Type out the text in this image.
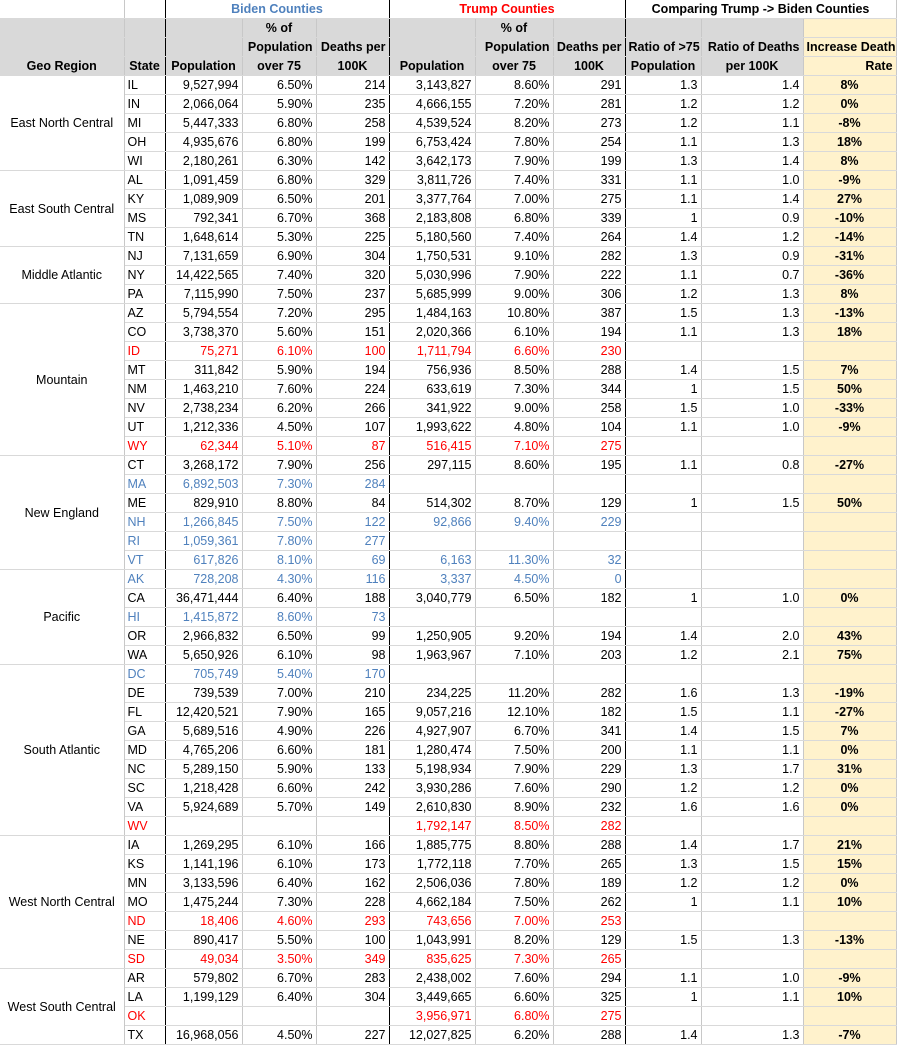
		Biden Counties			Trump Counties			Comparing Trump -> Biden Counties		
			% of			% of				
			Population	Deaths per		Population	Deaths per	Ratio of >75	Ratio of Deaths	Increase Death
Geo Region	State	Population	over 75	100K	Population	over 75	100K	Population	per 100K	Rate
East North Central	IL	9,527,994	6.50%	214	3,143,827	8.60%	291	1.3	1.4	8%
	IN	2,066,064	5.90%	235	4,666,155	7.20%	281	1.2	1.2	0%
	MI	5,447,333	6.80%	258	4,539,524	8.20%	273	1.2	1.1	-8%
	OH	4,935,676	6.80%	199	6,753,424	7.80%	254	1.1	1.3	18%
	WI	2,180,261	6.30%	142	3,642,173	7.90%	199	1.3	1.4	8%
East South Central	AL	1,091,459	6.80%	329	3,811,726	7.40%	331	1.1	1.0	-9%
	KY	1,089,909	6.50%	201	3,377,764	7.00%	275	1.1	1.4	27%
	MS	792,341	6.70%	368	2,183,808	6.80%	339	1	0.9	-10%
	TN	1,648,614	5.30%	225	5,180,560	7.40%	264	1.4	1.2	-14%
Middle Atlantic	NJ	7,131,659	6.90%	304	1,750,531	9.10%	282	1.3	0.9	-31%
	NY	14,422,565	7.40%	320	5,030,996	7.90%	222	1.1	0.7	-36%
	PA	7,115,990	7.50%	237	5,685,999	9.00%	306	1.2	1.3	8%
Mountain	AZ	5,794,554	7.20%	295	1,484,163	10.80%	387	1.5	1.3	-13%
	CO	3,738,370	5.60%	151	2,020,366	6.10%	194	1.1	1.3	18%
	ID	75,271	6.10%	100	1,711,794	6.60%	230			
	MT	311,842	5.90%	194	756,936	8.50%	288	1.4	1.5	7%
	NM	1,463,210	7.60%	224	633,619	7.30%	344	1	1.5	50%
	NV	2,738,234	6.20%	266	341,922	9.00%	258	1.5	1.0	-33%
	UT	1,212,336	4.50%	107	1,993,622	4.80%	104	1.1	1.0	-9%
	WY	62,344	5.10%	87	516,415	7.10%	275			
New England	CT	3,268,172	7.90%	256	297,115	8.60%	195	1.1	0.8	-27%
	MA	6,892,503	7.30%	284						
	ME	829,910	8.80%	84	514,302	8.70%	129	1	1.5	50%
	NH	1,266,845	7.50%	122	92,866	9.40%	229			
	RI	1,059,361	7.80%	277						
	VT	617,826	8.10%	69	6,163	11.30%	32			
Pacific	AK	728,208	4.30%	116	3,337	4.50%	0			
	CA	36,471,444	6.40%	188	3,040,779	6.50%	182	1	1.0	0%
	HI	1,415,872	8.60%	73						
	OR	2,966,832	6.50%	99	1,250,905	9.20%	194	1.4	2.0	43%
	WA	5,650,926	6.10%	98	1,963,967	7.10%	203	1.2	2.1	75%
South Atlantic	DC	705,749	5.40%	170						
	DE	739,539	7.00%	210	234,225	11.20%	282	1.6	1.3	-19%
	FL	12,420,521	7.90%	165	9,057,216	12.10%	182	1.5	1.1	-27%
	GA	5,689,516	4.90%	226	4,927,907	6.70%	341	1.4	1.5	7%
	MD	4,765,206	6.60%	181	1,280,474	7.50%	200	1.1	1.1	0%
	NC	5,289,150	5.90%	133	5,198,934	7.90%	229	1.3	1.7	31%
	SC	1,218,428	6.60%	242	3,930,286	7.60%	290	1.2	1.2	0%
	VA	5,924,689	5.70%	149	2,610,830	8.90%	232	1.6	1.6	0%
	WV				1,792,147	8.50%	282			
West North Central	IA	1,269,295	6.10%	166	1,885,775	8.80%	288	1.4	1.7	21%
	KS	1,141,196	6.10%	173	1,772,118	7.70%	265	1.3	1.5	15%
	MN	3,133,596	6.40%	162	2,506,036	7.80%	189	1.2	1.2	0%
	MO	1,475,244	7.30%	228	4,662,184	7.50%	262	1	1.1	10%
	ND	18,406	4.60%	293	743,656	7.00%	253			
	NE	890,417	5.50%	100	1,043,991	8.20%	129	1.5	1.3	-13%
	SD	49,034	3.50%	349	835,625	7.30%	265			
West South Central	AR	579,802	6.70%	283	2,438,002	7.60%	294	1.1	1.0	-9%
	LA	1,199,129	6.40%	304	3,449,665	6.60%	325	1	1.1	10%
	OK				3,956,971	6.80%	275			
	TX	16,968,056	4.50%	227	12,027,825	6.20%	288	1.4	1.3	-7%
